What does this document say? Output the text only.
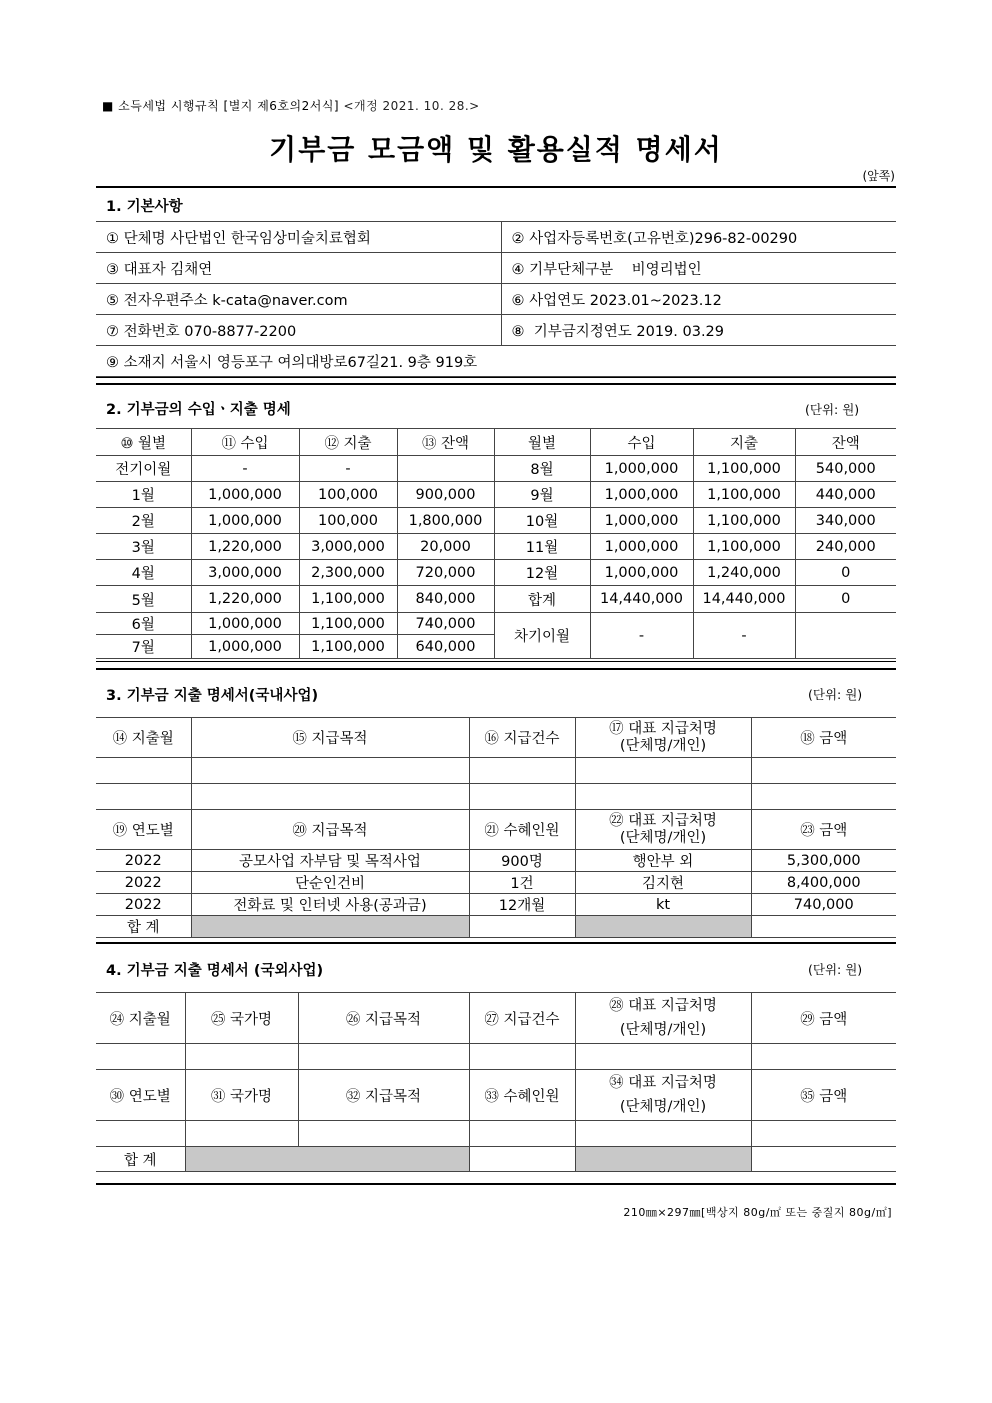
■ 소득세법 시행규칙 [별지 제6호의2서식] <개정 2021. 10. 28.>
기부금 모금액 및 활용실적 명세서
(앞쪽)
1. 기본사항
① 단체명 사단법인 한국임상미술치료협회	② 사업자등록번호(고유번호)296-82-00290
③ 대표자 김채연	④ 기부단체구분    비영리법인
⑤ 전자우편주소 k-cata@naver.com	⑥ 사업연도 2023.01~2023.12
⑦ 전화번호 070-8877-2200	⑧  기부금지정연도 2019. 03.29
⑨ 소재지 서울시 영등포구 여의대방로67길21. 9층 919호	
2. 기부금의 수입ㆍ지출 명세	(단위: 원)
⑩ 월별	⑪ 수입	⑫ 지출	⑬ 잔액	월별	수입	지출	잔액
전기이월	-	-		8월	1,000,000	1,100,000	540,000
1월	1,000,000	100,000	900,000	9월	1,000,000	1,100,000	440,000
2월	1,000,000	100,000	1,800,000	10월	1,000,000	1,100,000	340,000
3월	1,220,000	3,000,000	20,000	11월	1,000,000	1,100,000	240,000
4월	3,000,000	2,300,000	720,000	12월	1,000,000	1,240,000	0
5월	1,220,000	1,100,000	840,000	합계	14,440,000	14,440,000	0
6월	1,000,000	1,100,000	740,000	차기이월	-	-	
7월	1,000,000	1,100,000	640,000				
3. 기부금 지출 명세서(국내사업)	(단위: 원)
⑭ 지출월	⑮ 지급목적	⑯ 지급건수	⑰ 대표 지급처명
(단체명/개인)	⑱ 금액

⑲ 연도별	⑳ 지급목적	㉑ 수혜인원	㉒ 대표 지급처명
(단체명/개인)	㉓ 금액
2022	공모사업 자부담 및 목적사업	900명	행안부 외	5,300,000
2022	단순인건비	1건	김지현	8,400,000
2022	전화료 및 인터넷 사용(공과금)	12개월	kt	740,000
합 계				
4. 기부금 지출 명세서 (국외사업)	(단위: 원)
㉔ 지출월	㉕ 국가명	㉖ 지급목적	㉗ 지급건수	㉘ 대표 지급처명
(단체명/개인)	㉙ 금액

㉚ 연도별	㉛ 국가명	㉜ 지급목적	㉝ 수혜인원	㉞ 대표 지급처명
(단체명/개인)	㉟ 금액

합 계					
210㎜×297㎜[백상지 80g/㎡ 또는 중질지 80g/㎡]
